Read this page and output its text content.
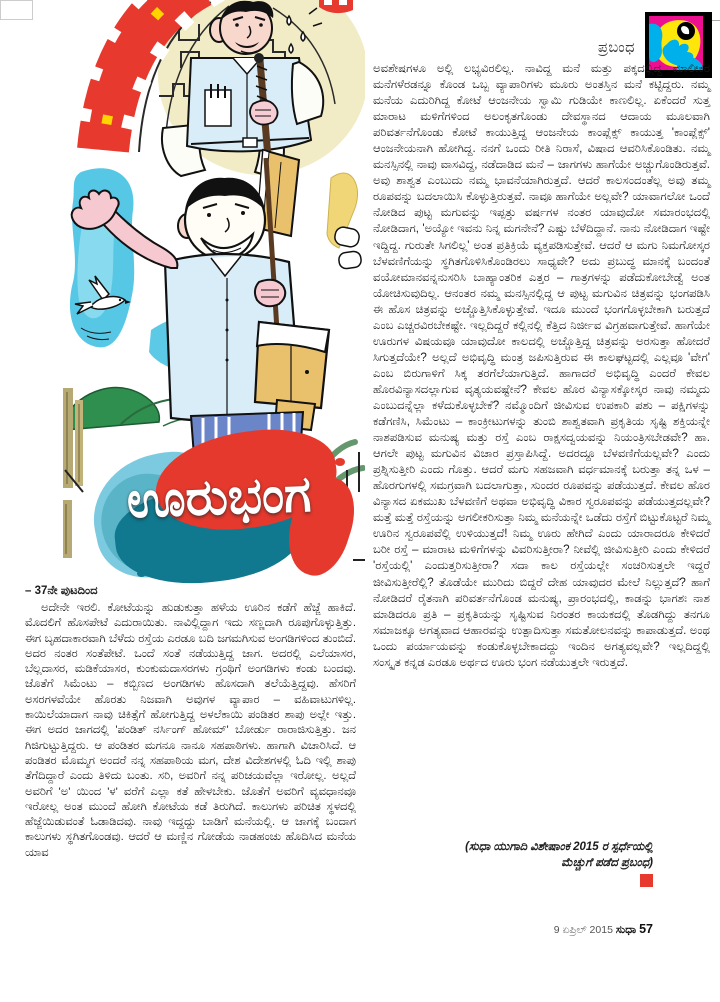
ಪ್ರಬಂಧ
ಊರುಭಂಗ
– 37ನೇ ಪುಟದಿಂದ
ಅದೇನೇ ಇರಲಿ. ಕೋಟೆಯನ್ನು ಹುಡುಕುತ್ತಾ ಹಳೆಯ ಊರಿನ ಕಡೆಗೆ ಹೆಜ್ಜೆ ಹಾಕಿದೆ. ಮೊದಲಿಗೆ ಹೊಸಪೇಟೆ ಎದುರಾಯಿತು. ನಾವಿಲ್ಲಿದ್ದಾಗ ಇದು ಸಣ್ಣದಾಗಿ ರೂಪುಗೊಳ್ಳುತ್ತಿತ್ತು. ಈಗ ಬೃಹದಾಕಾರವಾಗಿ ಬೆಳೆದು ರಸ್ತೆಯ ಎರಡೂ ಬದಿ ಜಗಮಗಿಸುವ ಅಂಗಡಿಗಳಿಂದ ತುಂಬಿದೆ. ಅದರ ನಂತರ ಸಂತೆಪೇಟೆ. ಒಂದೆ ಸಂತೆ ನಡೆಯುತ್ತಿದ್ದ ಜಾಗ. ಅದರಲ್ಲಿ ಎಲೆಯಾಸರ, ಬೆಲ್ಲದಾಸರ, ಮಡಿಕೆಯಾಸರ, ಕುಂಕುಮದಾಸರಗಳು ಗ್ರಂಥಿಗೆ ಅಂಗಡಿಗಳು ಕಂಡು ಬಂದವು. ಜೊತೆಗೆ ಸಿಮೆಂಟು – ಕಬ್ಬಿಣದ ಅಂಗಡಿಗಳು ಹೊಸದಾಗಿ ತಲೆಯೆತ್ತಿದ್ದವು. ಹೆಸರಿಗೆ ಅಸರಗಳವೆಯೇ ಹೊರತು ನಿಜವಾಗಿ ಅವುಗಳ ವ್ಯಾಪಾರ – ವಹಿವಾಟುಗಳಿಲ್ಲ. ಕಾಯಿಲೆಯಾದಾಗ ನಾವು ಚಿಕಿತ್ಸೆಗೆ ಹೋಗುತ್ತಿದ್ದ ಅಳಲೆಕಾಯಿ ಪಂಡಿತರ ಶಾಪು ಅಲ್ಲೇ ಇತ್ತು. ಈಗ ಅದರ ಜಾಗದಲ್ಲಿ 'ಪಂಡಿತ್ ನರ್ಸಿಂಗ್ ಹೋಮ್' ಬೋರ್ಡು ರಾರಾಜಿಸುತ್ತಿತ್ತು. ಜನ ಗಿಜಿಗುಟ್ಟುತ್ತಿದ್ದರು. ಆ ಪಂಡಿತರ ಮಗನೂ ನಾನೂ ಸಹಪಾಠಿಗಳು. ಹಾಗಾಗಿ ವಿಚಾರಿಸಿದೆ. ಆ ಪಂಡಿತರ ಮೊಮ್ಮಗ ಅಂದರೆ ನನ್ನ ಸಹಪಾಠಿಯ ಮಗ, ದೇಶ ವಿದೇಶಗಳಲ್ಲಿ ಓದಿ ಇಲ್ಲಿ ಶಾಪು ತೆಗೆದಿದ್ದಾರೆ ಎಂದು ತಿಳಿದು ಬಂತು. ಸರಿ, ಅವರಿಗೆ ನನ್ನ ಪರಿಚಯವೆಲ್ಲಾ ಇರೋಲ್ಲ. ಅಲ್ಲದೆ ಅವರಿಗೆ 'ಅ' ಯಿಂದ 'ಳ' ವರೆಗೆ ಎಲ್ಲಾ ಕತೆ ಹೇಳಬೇಕು. ಜೊತೆಗೆ ಅವರಿಗೆ ವ್ಯವಧಾನವೂ ಇರೋಲ್ಲ ಅಂತ ಮುಂದೆ ಹೋಗಿ ಕೋಟೆಯ ಕಡೆ ತಿರುಗಿದೆ. ಕಾಲುಗಳು ಪರಿಚಿತ ಸ್ಥಳದಲ್ಲಿ ಹೆಜ್ಜೆಯಿಡುವಂತೆ ಓಡಾಡಿದವು. ನಾವು ಇದ್ದದ್ದು ಬಾಡಿಗೆ ಮನೆಯಲ್ಲಿ. ಆ ಜಾಗಕ್ಕೆ ಬಂದಾಗ ಕಾಲುಗಳು ಸ್ಥಗಿತಗೊಂಡವು. ಆದರೆ ಆ ಮಣ್ಣಿನ ಗೋಡೆಯ ನಾಡಹಂಚು ಹೊದಿಸಿದ ಮನೆಯ ಯಾವ
ಅವಶೇಷಗಳೂ ಅಲ್ಲಿ ಲಭ್ಯವಿರಲಿಲ್ಲ. ನಾವಿದ್ದ ಮನೆ ಮತ್ತು ಪಕ್ಕದಲ್ಲಿದ್ದ ಮಾಲೀಕರ ಮನೆಗಳೆರಡನ್ನೂ ಕೊಂಡ ಒಬ್ಬ ವ್ಯಾಪಾರಿಗಳು ಮೂರು ಅಂತಸ್ತಿನ ಮನೆ ಕಟ್ಟಿದ್ದರು. ನಮ್ಮ ಮನೆಯ ಎದುರಿಗಿದ್ದ ಕೋಟೆ ಆಂಜನೇಯ ಸ್ವಾಮಿ ಗುಡಿಯೇ ಕಾಣಲಿಲ್ಲ. ಏಕೆಂದರೆ ಸುತ್ತ ಮಾರಾಟ ಮಳಿಗೆಗಳಿಂದ ಅಲಂಕೃತಗೊಂಡು ದೇವಸ್ಥಾನದ ಆದಾಯ ಮೂಲವಾಗಿ ಪರಿವರ್ತನೆಗೊಂಡು ಕೋಟೆ ಕಾಯುತ್ತಿದ್ದ ಆಂಜನೇಯ ಕಾಂಪ್ಲೆಕ್ಸ್ ಕಾಯುತ್ತ 'ಕಾಂಪ್ಲೆಕ್ಸ್' ಆಂಜನೇಯನಾಗಿ ಹೋಗಿದ್ದ. ನನಗೆ ಒಂದು ರೀತಿ ನಿರಾಸೆ, ವಿಷಾದ ಆವರಿಸಿಕೊಂಡಿತು. ನಮ್ಮ ಮನಸ್ಸಿನಲ್ಲಿ ನಾವು ವಾಸವಿದ್ದ, ನಡೆದಾಡಿದ ಮನೆ – ಜಾಗಗಳು ಹಾಗೆಯೇ ಅಚ್ಚುಗೊಂಡಿರುತ್ತವೆ. ಅವು ಶಾಶ್ವತ ಎಂಬುದು ನಮ್ಮ ಭಾವನೆಯಾಗಿರುತ್ತದೆ. ಆದರೆ ಕಾಲಸಂದಂತೆಲ್ಲ ಅವು ತಮ್ಮ ರೂಪವನ್ನು ಬದಲಾಯಿಸಿ ಕೊಳ್ಳುತ್ತಿರುತ್ತವೆ. ನಾವೂ ಹಾಗೆಯೇ ಅಲ್ಲವೇ? ಯಾವಾಗಲೋ ಒಂದೆ ನೋಡಿದ ಪುಟ್ಟ ಮಗುವನ್ನು ಇಪ್ಪತ್ತು ವರ್ಷಗಳ ನಂತರ ಯಾವುದೋ ಸಮಾರಂಭದಲ್ಲಿ ನೋಡಿದಾಗ, 'ಅಯ್ಯೋ ಇವನು ನಿನ್ನ ಮಗನೇನೆ? ಎಷ್ಟು ಬೆಳೆದಿದ್ದಾನೆ. ನಾನು ನೋಡಿದಾಗ ಇಷ್ಟೇ ಇದ್ದಿದ್ದ. ಗುರುತೇ ಸಿಗಲಿಲ್ಲ' ಅಂತ ಪ್ರತಿಕ್ರಿಯೆ ವ್ಯಕ್ತಪಡಿಸುತ್ತೇವೆ. ಆದರೆ ಆ ಮಗು ನಿಮಗೋಸ್ಕರ ಬೆಳವಣಿಗೆಯನ್ನು ಸ್ಥಗಿತಗೊಳಿಸಿಕೊಂಡಿರಲು ಸಾಧ್ಯವೇ? ಅದು ಪ್ರಬುದ್ಧ ಮಾನಕ್ಕೆ ಬಂದಂತೆ ವಯೋಮಾನವನ್ನನುಸರಿಸಿ ಬಾಹ್ಯಾಂತರಿಕ ಎತ್ತರ – ಗಾತ್ರಗಳನ್ನು ಪಡೆದುಕೋಬೇಡ್ವೆ ಅಂತ ಯೋಚಿಸುವುದಿಲ್ಲ. ಆನಂತರ ನಮ್ಮ ಮನಸ್ಸಿನಲ್ಲಿದ್ದ ಆ ಪುಟ್ಟ ಮಗುವಿನ ಚಿತ್ರವನ್ನು ಭಂಗಪಡಿಸಿ ಈ ಹೊಸ ಚಿತ್ರವನ್ನು ಅಚ್ಚೊತ್ತಿಸಿಕೊಳ್ಳುತ್ತೇವೆ. ಇದೂ ಮುಂದೆ ಭಂಗಗೊಳ್ಳಬೇಕಾಗಿ ಬರುತ್ತದೆ ಎಂಬ ಎಚ್ಚರವಿರಬೇಕಷ್ಟೇ. ಇಲ್ಲದಿದ್ದರೆ ಕಲ್ಲಿನಲ್ಲಿ ಕೆತ್ತಿದ ನಿರ್ಜೀವ ವಿಗ್ರಹವಾಗುತ್ತೇವೆ. ಹಾಗೆಯೇ ಊರುಗಳ ವಿಷಯವೂ ಯಾವುದೋ ಕಾಲದಲ್ಲಿ ಅಚ್ಚೊತ್ತಿದ್ದ ಚಿತ್ರವನ್ನು ಅರಸುತ್ತಾ ಹೋದರೆ ಸಿಗುತ್ತದೆಯೇ? ಅಲ್ಲದೆ ಅಭಿವೃದ್ಧಿ ಮಂತ್ರ ಜಪಿಸುತ್ತಿರುವ ಈ ಕಾಲಘಟ್ಟದಲ್ಲಿ ಎಲ್ಲವೂ 'ವೇಗ' ಎಂಬ ಬಿರುಗಾಳಿಗೆ ಸಿಕ್ಕ ತರಗೆಲೆಯಾಗುತ್ತಿದೆ. ಹಾಗಾದರೆ ಅಭಿವೃದ್ಧಿ ಎಂದರೆ ಕೇವಲ ಹೊರವಿನ್ಯಾಸದಲ್ಲಾಗುವ ವೃತ್ಯಯವಷ್ಟೇನೆ? ಕೇವಲ ಹೊರ ವಿನ್ಯಾಸಕ್ಕೋಸ್ಕರ ನಾವು ನಮ್ಮದು ಎಂಬುದನ್ನೆಲ್ಲಾ ಕಳೆದುಕೊಳ್ಳಬೇಕೆ? ನಮ್ಮೊಂದಿಗೆ ಜೀವಿಸುವ ಉಪಕಾರಿ ಪಶು – ಪಕ್ಷಿಗಳನ್ನು ಕಡೆಗಣಿಸಿ, ಸಿಮೆಂಟು – ಕಾಂಕ್ರೀಟುಗಳನ್ನು ತುಂಬಿ ಶಾಶ್ವತವಾಗಿ ಪ್ರಕೃತಿಯ ಸೃಷ್ಟಿ ಶಕ್ತಿಯನ್ನೇ ನಾಶಪಡಿಸುವ ಮನುಷ್ಯ ಮತ್ತು ರಸ್ತೆ ಎಂಬ ರಾಕ್ಷಸದ್ವಯವನ್ನು ನಿಯಂತ್ರಿಸಬೇಡವೇ? ಹಾ. ಆಗಲೇ ಪುಟ್ಟ ಮಗುವಿನ ವಿಚಾರ ಪ್ರಸ್ತಾಪಿಸಿದ್ದೆ. ಅದರದ್ದೂ ಬೆಳವಣಿಗೆಯಲ್ಲವೇ? ಎಂದು ಪ್ರಶ್ನಿಸುತ್ತೀರಿ ಎಂದು ಗೊತ್ತು. ಆದರೆ ಮಗು ಸಹಜವಾಗಿ ವರ್ಧಮಾನಕ್ಕೆ ಬರುತ್ತಾ ತನ್ನ ಒಳ – ಹೊರಗುಗಳಲ್ಲಿ ಸಮಗ್ರವಾಗಿ ಬದಲಾಗುತ್ತಾ, ಸುಂದರ ರೂಪವನ್ನು ಪಡೆಯುತ್ತದೆ. ಕೇವಲ ಹೊರ ವಿನ್ಯಾಸದ ಏಕಮುಖ ಬೆಳವಣಿಗೆ ಅಥವಾ ಅಭಿವೃದ್ಧಿ ವಿಕಾರ ಸ್ವರೂಪವನ್ನು ಪಡೆಯುತ್ತದಲ್ಲವೇ? ಮತ್ತೆ ಮತ್ತೆ ರಸ್ತೆಯನ್ನು ಅಗಲೀಕರಿಸುತ್ತಾ ನಿಮ್ಮ ಮನೆಯನ್ನೇ ಒಡೆದು ರಸ್ತೆಗೆ ಬಿಟ್ಟುಕೊಟ್ಟರೆ ನಿಮ್ಮ ಊರಿನ ಸ್ವರೂಪವೆಲ್ಲಿ ಉಳಿಯುತ್ತದೆ! ನಿಮ್ಮ ಊರು ಹೇಗಿದೆ ಎಂದು ಯಾರಾದರೂ ಕೇಳಿದರೆ ಬರೀ ರಸ್ತೆ – ಮಾರಾಟ ಮಳಿಗೆಗಳನ್ನು ವಿವರಿಸುತ್ತೀರಾ? ನೀವೆಲ್ಲಿ ಜೀವಿಸುತ್ತೀರಿ ಎಂದು ಕೇಳಿದರೆ 'ರಸ್ತೆಯಲ್ಲಿ' ಎಂದುತ್ತರಿಸುತ್ತೀರಾ? ಸದಾ ಕಾಲ ರಸ್ತೆಯಲ್ಲೇ ಸಂಚರಿಸುತ್ತಲೇ ಇದ್ದರೆ ಜೀವಿಸುತ್ತೀರೆಲ್ಲಿ? ತೊಡೆಯೇ ಮುರಿದು ಬಿದ್ದರೆ ದೇಹ ಯಾವುದರ ಮೇಲೆ ನಿಲ್ಲುತ್ತದೆ? ಹಾಗೆ ನೋಡಿದರೆ ರೈತನಾಗಿ ಪರಿವರ್ತನೆಗೊಂಡ ಮನುಷ್ಯ, ಪ್ರಾರಂಭದಲ್ಲಿ, ಕಾಡನ್ನು ಭಾಗಶಃ ನಾಶ ಮಾಡಿದರೂ ಪ್ರತಿ – ಪ್ರಕೃತಿಯನ್ನು ಸೃಷ್ಟಿಸುವ ನಿರಂತರ ಕಾಯಕದಲ್ಲಿ ತೊಡಗಿದ್ದು ತನಗೂ ಸಮಾಜಕ್ಕೂ ಅಗತ್ಯವಾದ ಆಹಾರವನ್ನು ಉತ್ಪಾದಿಸುತ್ತಾ ಸಮತೋಲನವನ್ನು ಕಾಪಾಡುತ್ತದೆ. ಅಂಥ ಒಂದು ಪರ್ಯಾಯವನ್ನು ಕಂಡುಕೊಳ್ಳಬೇಕಾದದ್ದು ಇಂದಿನ ಅಗತ್ಯವಲ್ಲವೇ? ಇಲ್ಲದಿದ್ದಲ್ಲಿ ಸಂಸ್ಕೃತ ಕನ್ನಡ ಎರಡೂ ಅರ್ಥದ ಊರು ಭಂಗ ನಡೆಯುತ್ತಲೇ ಇರುತ್ತದೆ.
(ಸುಧಾ ಯುಗಾದಿ ವಿಶೇಷಾಂಕ 2015 ರ ಸ್ಪರ್ಧೆಯಲ್ಲಿ
ಮೆಚ್ಚುಗೆ ಪಡೆದ ಪ್ರಬಂಧ)
9 ಏಪ್ರಿಲ್ 2015 ಸುಧಾ 57
